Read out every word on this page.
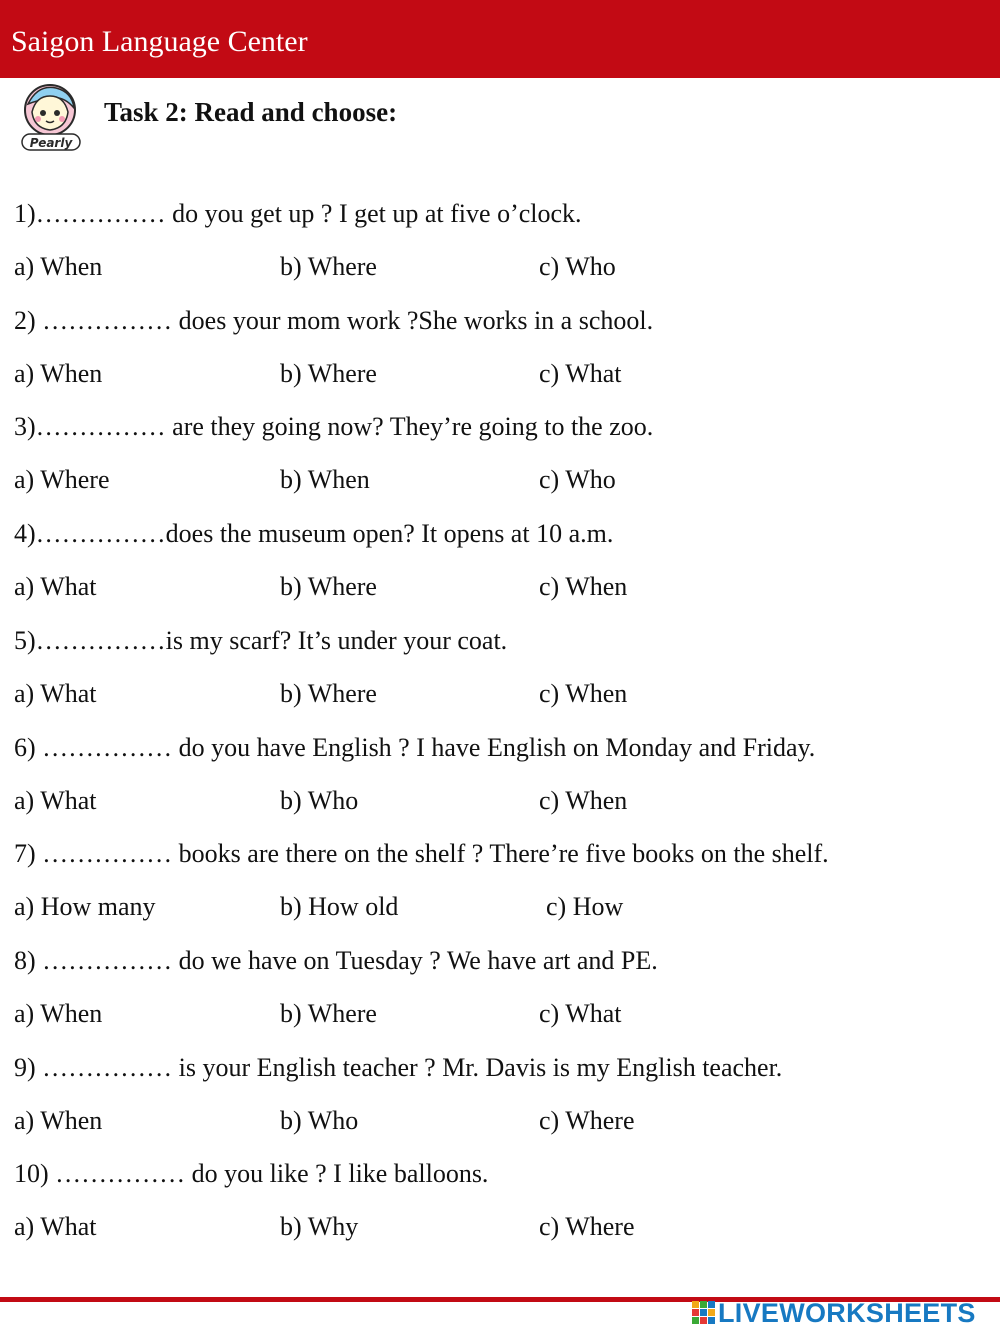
Saigon Language Center
Pearly
Task 2: Read and choose:
1)…………… do you get up ? I get up at five o’clock.
a) When	b) Where	c) Who
2) …………… does your mom work ?She works in a school.
a) When	b) Where	c) What
3)…………… are they going now? They’re going to the zoo.
a) Where	b) When	c) Who
4)……………does the museum open? It opens at 10 a.m.
a) What	b) Where	c) When
5)……………is my scarf? It’s under your coat.
a) What	b) Where	c) When
6) …………… do you have English ? I have English on Monday and Friday.
a) What	b) Who	c) When
7) …………… books are there on the shelf ? There’re five books on the shelf.
a) How many	b) How old	c) How
8) …………… do we have on Tuesday ? We have art and PE.
a) When	b) Where	c) What
9) …………… is your English teacher ? Mr. Davis is my English teacher.
a) When	b) Who	c) Where
10) …………… do you like ? I like balloons.
a) What	b) Why	c) Where
LIVEWORKSHEETS
